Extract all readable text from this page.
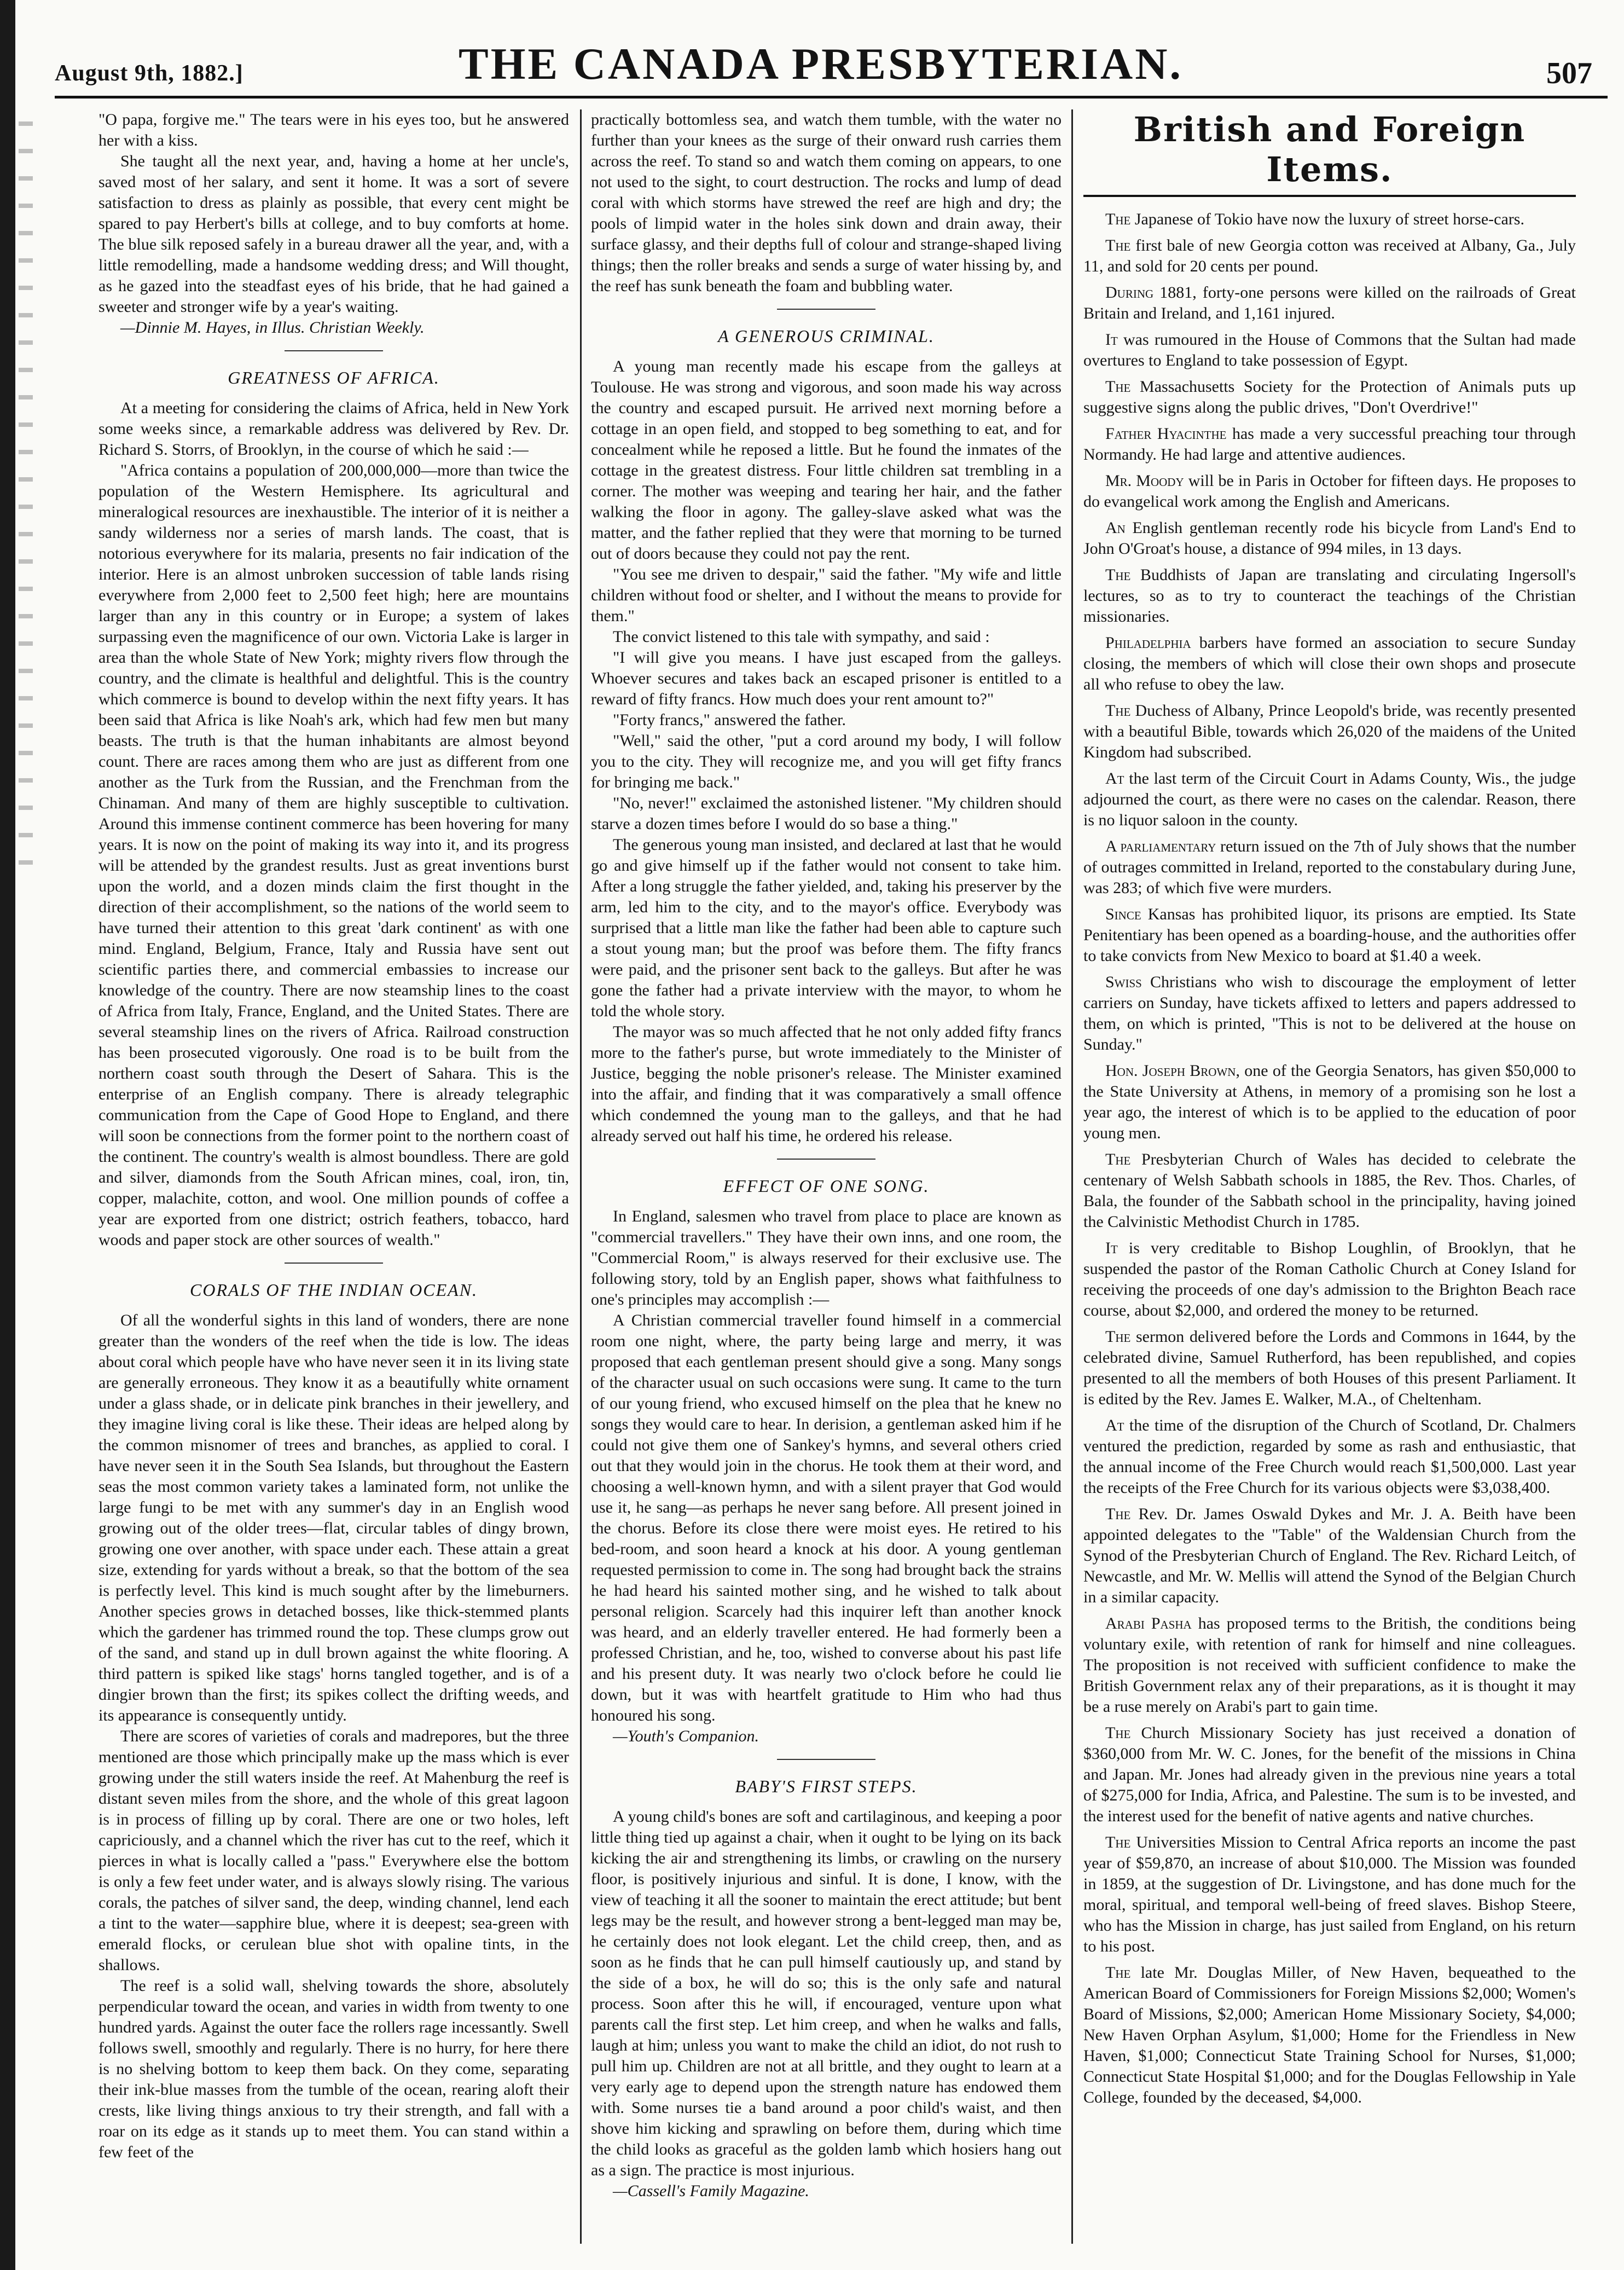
August 9th, 1882.]	THE CANADA PRESBYTERIAN.	507

"O papa, forgive me." The tears were in his eyes too, but he answered her with a kiss.

She taught all the next year, and, having a home at her uncle's, saved most of her salary, and sent it home. It was a sort of severe satisfaction to dress as plainly as possible, that every cent might be spared to pay Herbert's bills at college, and to buy comforts at home. The blue silk reposed safely in a bureau drawer all the year, and, with a little remodelling, made a handsome wedding dress; and Will thought, as he gazed into the steadfast eyes of his bride, that he had gained a sweeter and stronger wife by a year's waiting.

—Dinnie M. Hayes, in Illus. Christian Weekly.

GREATNESS OF AFRICA.

At a meeting for considering the claims of Africa, held in New York some weeks since, a remarkable address was delivered by Rev. Dr. Richard S. Storrs, of Brooklyn, in the course of which he said :—

"Africa contains a population of 200,000,000—more than twice the population of the Western Hemisphere. Its agricultural and mineralogical resources are inexhaustible. The interior of it is neither a sandy wilderness nor a series of marsh lands. The coast, that is notorious everywhere for its malaria, presents no fair indication of the interior. Here is an almost unbroken succession of table lands rising everywhere from 2,000 feet to 2,500 feet high; here are mountains larger than any in this country or in Europe; a system of lakes surpassing even the magnificence of our own. Victoria Lake is larger in area than the whole State of New York; mighty rivers flow through the country, and the climate is healthful and delightful. This is the country which commerce is bound to develop within the next fifty years. It has been said that Africa is like Noah's ark, which had few men but many beasts. The truth is that the human inhabitants are almost beyond count. There are races among them who are just as different from one another as the Turk from the Russian, and the Frenchman from the Chinaman. And many of them are highly susceptible to cultivation. Around this immense continent commerce has been hovering for many years. It is now on the point of making its way into it, and its progress will be attended by the grandest results. Just as great inventions burst upon the world, and a dozen minds claim the first thought in the direction of their accomplishment, so the nations of the world seem to have turned their attention to this great 'dark continent' as with one mind. England, Belgium, France, Italy and Russia have sent out scientific parties there, and commercial embassies to increase our knowledge of the country. There are now steamship lines to the coast of Africa from Italy, France, England, and the United States. There are several steamship lines on the rivers of Africa. Railroad construction has been prosecuted vigorously. One road is to be built from the northern coast south through the Desert of Sahara. This is the enterprise of an English company. There is already telegraphic communication from the Cape of Good Hope to England, and there will soon be connections from the former point to the northern coast of the continent. The country's wealth is almost boundless. There are gold and silver, diamonds from the South African mines, coal, iron, tin, copper, malachite, cotton, and wool. One million pounds of coffee a year are exported from one district; ostrich feathers, tobacco, hard woods and paper stock are other sources of wealth."

CORALS OF THE INDIAN OCEAN.

Of all the wonderful sights in this land of wonders, there are none greater than the wonders of the reef when the tide is low. The ideas about coral which people have who have never seen it in its living state are generally erroneous. They know it as a beautifully white ornament under a glass shade, or in delicate pink branches in their jewellery, and they imagine living coral is like these. Their ideas are helped along by the common misnomer of trees and branches, as applied to coral. I have never seen it in the South Sea Islands, but throughout the Eastern seas the most common variety takes a laminated form, not unlike the large fungi to be met with any summer's day in an English wood growing out of the older trees—flat, circular tables of dingy brown, growing one over another, with space under each. These attain a great size, extending for yards without a break, so that the bottom of the sea is perfectly level. This kind is much sought after by the limeburners. Another species grows in detached bosses, like thick-stemmed plants which the gardener has trimmed round the top. These clumps grow out of the sand, and stand up in dull brown against the white flooring. A third pattern is spiked like stags' horns tangled together, and is of a dingier brown than the first; its spikes collect the drifting weeds, and its appearance is consequently untidy.

There are scores of varieties of corals and madrepores, but the three mentioned are those which principally make up the mass which is ever growing under the still waters inside the reef. At Mahenburg the reef is distant seven miles from the shore, and the whole of this great lagoon is in process of filling up by coral. There are one or two holes, left capriciously, and a channel which the river has cut to the reef, which it pierces in what is locally called a "pass." Everywhere else the bottom is only a few feet under water, and is always slowly rising. The various corals, the patches of silver sand, the deep, winding channel, lend each a tint to the water—sapphire blue, where it is deepest; sea-green with emerald flocks, or cerulean blue shot with opaline tints, in the shallows.

The reef is a solid wall, shelving towards the shore, absolutely perpendicular toward the ocean, and varies in width from twenty to one hundred yards. Against the outer face the rollers rage incessantly. Swell follows swell, smoothly and regularly. There is no hurry, for here there is no shelving bottom to keep them back. On they come, separating their ink-blue masses from the tumble of the ocean, rearing aloft their crests, like living things anxious to try their strength, and fall with a roar on its edge as it stands up to meet them. You can stand within a few feet of the

practically bottomless sea, and watch them tumble, with the water no further than your knees as the surge of their onward rush carries them across the reef. To stand so and watch them coming on appears, to one not used to the sight, to court destruction. The rocks and lump of dead coral with which storms have strewed the reef are high and dry; the pools of limpid water in the holes sink down and drain away, their surface glassy, and their depths full of colour and strange-shaped living things; then the roller breaks and sends a surge of water hissing by, and the reef has sunk beneath the foam and bubbling water.

A GENEROUS CRIMINAL.

A young man recently made his escape from the galleys at Toulouse. He was strong and vigorous, and soon made his way across the country and escaped pursuit. He arrived next morning before a cottage in an open field, and stopped to beg something to eat, and for concealment while he reposed a little. But he found the inmates of the cottage in the greatest distress. Four little children sat trembling in a corner. The mother was weeping and tearing her hair, and the father walking the floor in agony. The galley-slave asked what was the matter, and the father replied that they were that morning to be turned out of doors because they could not pay the rent.

"You see me driven to despair," said the father. "My wife and little children without food or shelter, and I without the means to provide for them."

The convict listened to this tale with sympathy, and said :

"I will give you means. I have just escaped from the galleys. Whoever secures and takes back an escaped prisoner is entitled to a reward of fifty francs. How much does your rent amount to?"

"Forty francs," answered the father.

"Well," said the other, "put a cord around my body, I will follow you to the city. They will recognize me, and you will get fifty francs for bringing me back."

"No, never!" exclaimed the astonished listener. "My children should starve a dozen times before I would do so base a thing."

The generous young man insisted, and declared at last that he would go and give himself up if the father would not consent to take him. After a long struggle the father yielded, and, taking his preserver by the arm, led him to the city, and to the mayor's office. Everybody was surprised that a little man like the father had been able to capture such a stout young man; but the proof was before them. The fifty francs were paid, and the prisoner sent back to the galleys. But after he was gone the father had a private interview with the mayor, to whom he told the whole story.

The mayor was so much affected that he not only added fifty francs more to the father's purse, but wrote immediately to the Minister of Justice, begging the noble prisoner's release. The Minister examined into the affair, and finding that it was comparatively a small offence which condemned the young man to the galleys, and that he had already served out half his time, he ordered his release.

EFFECT OF ONE SONG.

In England, salesmen who travel from place to place are known as "commercial travellers." They have their own inns, and one room, the "Commercial Room," is always reserved for their exclusive use. The following story, told by an English paper, shows what faithfulness to one's principles may accomplish :—

A Christian commercial traveller found himself in a commercial room one night, where, the party being large and merry, it was proposed that each gentleman present should give a song. Many songs of the character usual on such occasions were sung. It came to the turn of our young friend, who excused himself on the plea that he knew no songs they would care to hear. In derision, a gentleman asked him if he could not give them one of Sankey's hymns, and several others cried out that they would join in the chorus. He took them at their word, and choosing a well-known hymn, and with a silent prayer that God would use it, he sang—as perhaps he never sang before. All present joined in the chorus. Before its close there were moist eyes. He retired to his bed-room, and soon heard a knock at his door. A young gentleman requested permission to come in. The song had brought back the strains he had heard his sainted mother sing, and he wished to talk about personal religion. Scarcely had this inquirer left than another knock was heard, and an elderly traveller entered. He had formerly been a professed Christian, and he, too, wished to converse about his past life and his present duty. It was nearly two o'clock before he could lie down, but it was with heartfelt gratitude to Him who had thus honoured his song.

—Youth's Companion.

BABY'S FIRST STEPS.

A young child's bones are soft and cartilaginous, and keeping a poor little thing tied up against a chair, when it ought to be lying on its back kicking the air and strengthening its limbs, or crawling on the nursery floor, is positively injurious and sinful. It is done, I know, with the view of teaching it all the sooner to maintain the erect attitude; but bent legs may be the result, and however strong a bent-legged man may be, he certainly does not look elegant. Let the child creep, then, and as soon as he finds that he can pull himself cautiously up, and stand by the side of a box, he will do so; this is the only safe and natural process. Soon after this he will, if encouraged, venture upon what parents call the first step. Let him creep, and when he walks and falls, laugh at him; unless you want to make the child an idiot, do not rush to pull him up. Children are not at all brittle, and they ought to learn at a very early age to depend upon the strength nature has endowed them with. Some nurses tie a band around a poor child's waist, and then shove him kicking and sprawling on before them, during which time the child looks as graceful as the golden lamb which hosiers hang out as a sign. The practice is most injurious.

—Cassell's Family Magazine.

British and Foreign Items.

The Japanese of Tokio have now the luxury of street horse-cars.

The first bale of new Georgia cotton was received at Albany, Ga., July 11, and sold for 20 cents per pound.

During 1881, forty-one persons were killed on the railroads of Great Britain and Ireland, and 1,161 injured.

It was rumoured in the House of Commons that the Sultan had made overtures to England to take possession of Egypt.

The Massachusetts Society for the Protection of Animals puts up suggestive signs along the public drives, "Don't Overdrive!"

Father Hyacinthe has made a very successful preaching tour through Normandy. He had large and attentive audiences.

Mr. Moody will be in Paris in October for fifteen days. He proposes to do evangelical work among the English and Americans.

An English gentleman recently rode his bicycle from Land's End to John O'Groat's house, a distance of 994 miles, in 13 days.

The Buddhists of Japan are translating and circulating Ingersoll's lectures, so as to try to counteract the teachings of the Christian missionaries.

Philadelphia barbers have formed an association to secure Sunday closing, the members of which will close their own shops and prosecute all who refuse to obey the law.

The Duchess of Albany, Prince Leopold's bride, was recently presented with a beautiful Bible, towards which 26,020 of the maidens of the United Kingdom had subscribed.

At the last term of the Circuit Court in Adams County, Wis., the judge adjourned the court, as there were no cases on the calendar. Reason, there is no liquor saloon in the county.

A parliamentary return issued on the 7th of July shows that the number of outrages committed in Ireland, reported to the constabulary during June, was 283; of which five were murders.

Since Kansas has prohibited liquor, its prisons are emptied. Its State Penitentiary has been opened as a boarding-house, and the authorities offer to take convicts from New Mexico to board at $1.40 a week.

Swiss Christians who wish to discourage the employment of letter carriers on Sunday, have tickets affixed to letters and papers addressed to them, on which is printed, "This is not to be delivered at the house on Sunday."

Hon. Joseph Brown, one of the Georgia Senators, has given $50,000 to the State University at Athens, in memory of a promising son he lost a year ago, the interest of which is to be applied to the education of poor young men.

The Presbyterian Church of Wales has decided to celebrate the centenary of Welsh Sabbath schools in 1885, the Rev. Thos. Charles, of Bala, the founder of the Sabbath school in the principality, having joined the Calvinistic Methodist Church in 1785.

It is very creditable to Bishop Loughlin, of Brooklyn, that he suspended the pastor of the Roman Catholic Church at Coney Island for receiving the proceeds of one day's admission to the Brighton Beach race course, about $2,000, and ordered the money to be returned.

The sermon delivered before the Lords and Commons in 1644, by the celebrated divine, Samuel Rutherford, has been republished, and copies presented to all the members of both Houses of this present Parliament. It is edited by the Rev. James E. Walker, M.A., of Cheltenham.

At the time of the disruption of the Church of Scotland, Dr. Chalmers ventured the prediction, regarded by some as rash and enthusiastic, that the annual income of the Free Church would reach $1,500,000. Last year the receipts of the Free Church for its various objects were $3,038,400.

The Rev. Dr. James Oswald Dykes and Mr. J. A. Beith have been appointed delegates to the "Table" of the Waldensian Church from the Synod of the Presbyterian Church of England. The Rev. Richard Leitch, of Newcastle, and Mr. W. Mellis will attend the Synod of the Belgian Church in a similar capacity.

Arabi Pasha has proposed terms to the British, the conditions being voluntary exile, with retention of rank for himself and nine colleagues. The proposition is not received with sufficient confidence to make the British Government relax any of their preparations, as it is thought it may be a ruse merely on Arabi's part to gain time.

The Church Missionary Society has just received a donation of $360,000 from Mr. W. C. Jones, for the benefit of the missions in China and Japan. Mr. Jones had already given in the previous nine years a total of $275,000 for India, Africa, and Palestine. The sum is to be invested, and the interest used for the benefit of native agents and native churches.

The Universities Mission to Central Africa reports an income the past year of $59,870, an increase of about $10,000. The Mission was founded in 1859, at the suggestion of Dr. Livingstone, and has done much for the moral, spiritual, and temporal well-being of freed slaves. Bishop Steere, who has the Mission in charge, has just sailed from England, on his return to his post.

The late Mr. Douglas Miller, of New Haven, bequeathed to the American Board of Commissioners for Foreign Missions $2,000; Women's Board of Missions, $2,000; American Home Missionary Society, $4,000; New Haven Orphan Asylum, $1,000; Home for the Friendless in New Haven, $1,000; Connecticut State Training School for Nurses, $1,000; Connecticut State Hospital $1,000; and for the Douglas Fellowship in Yale College, founded by the deceased, $4,000.
